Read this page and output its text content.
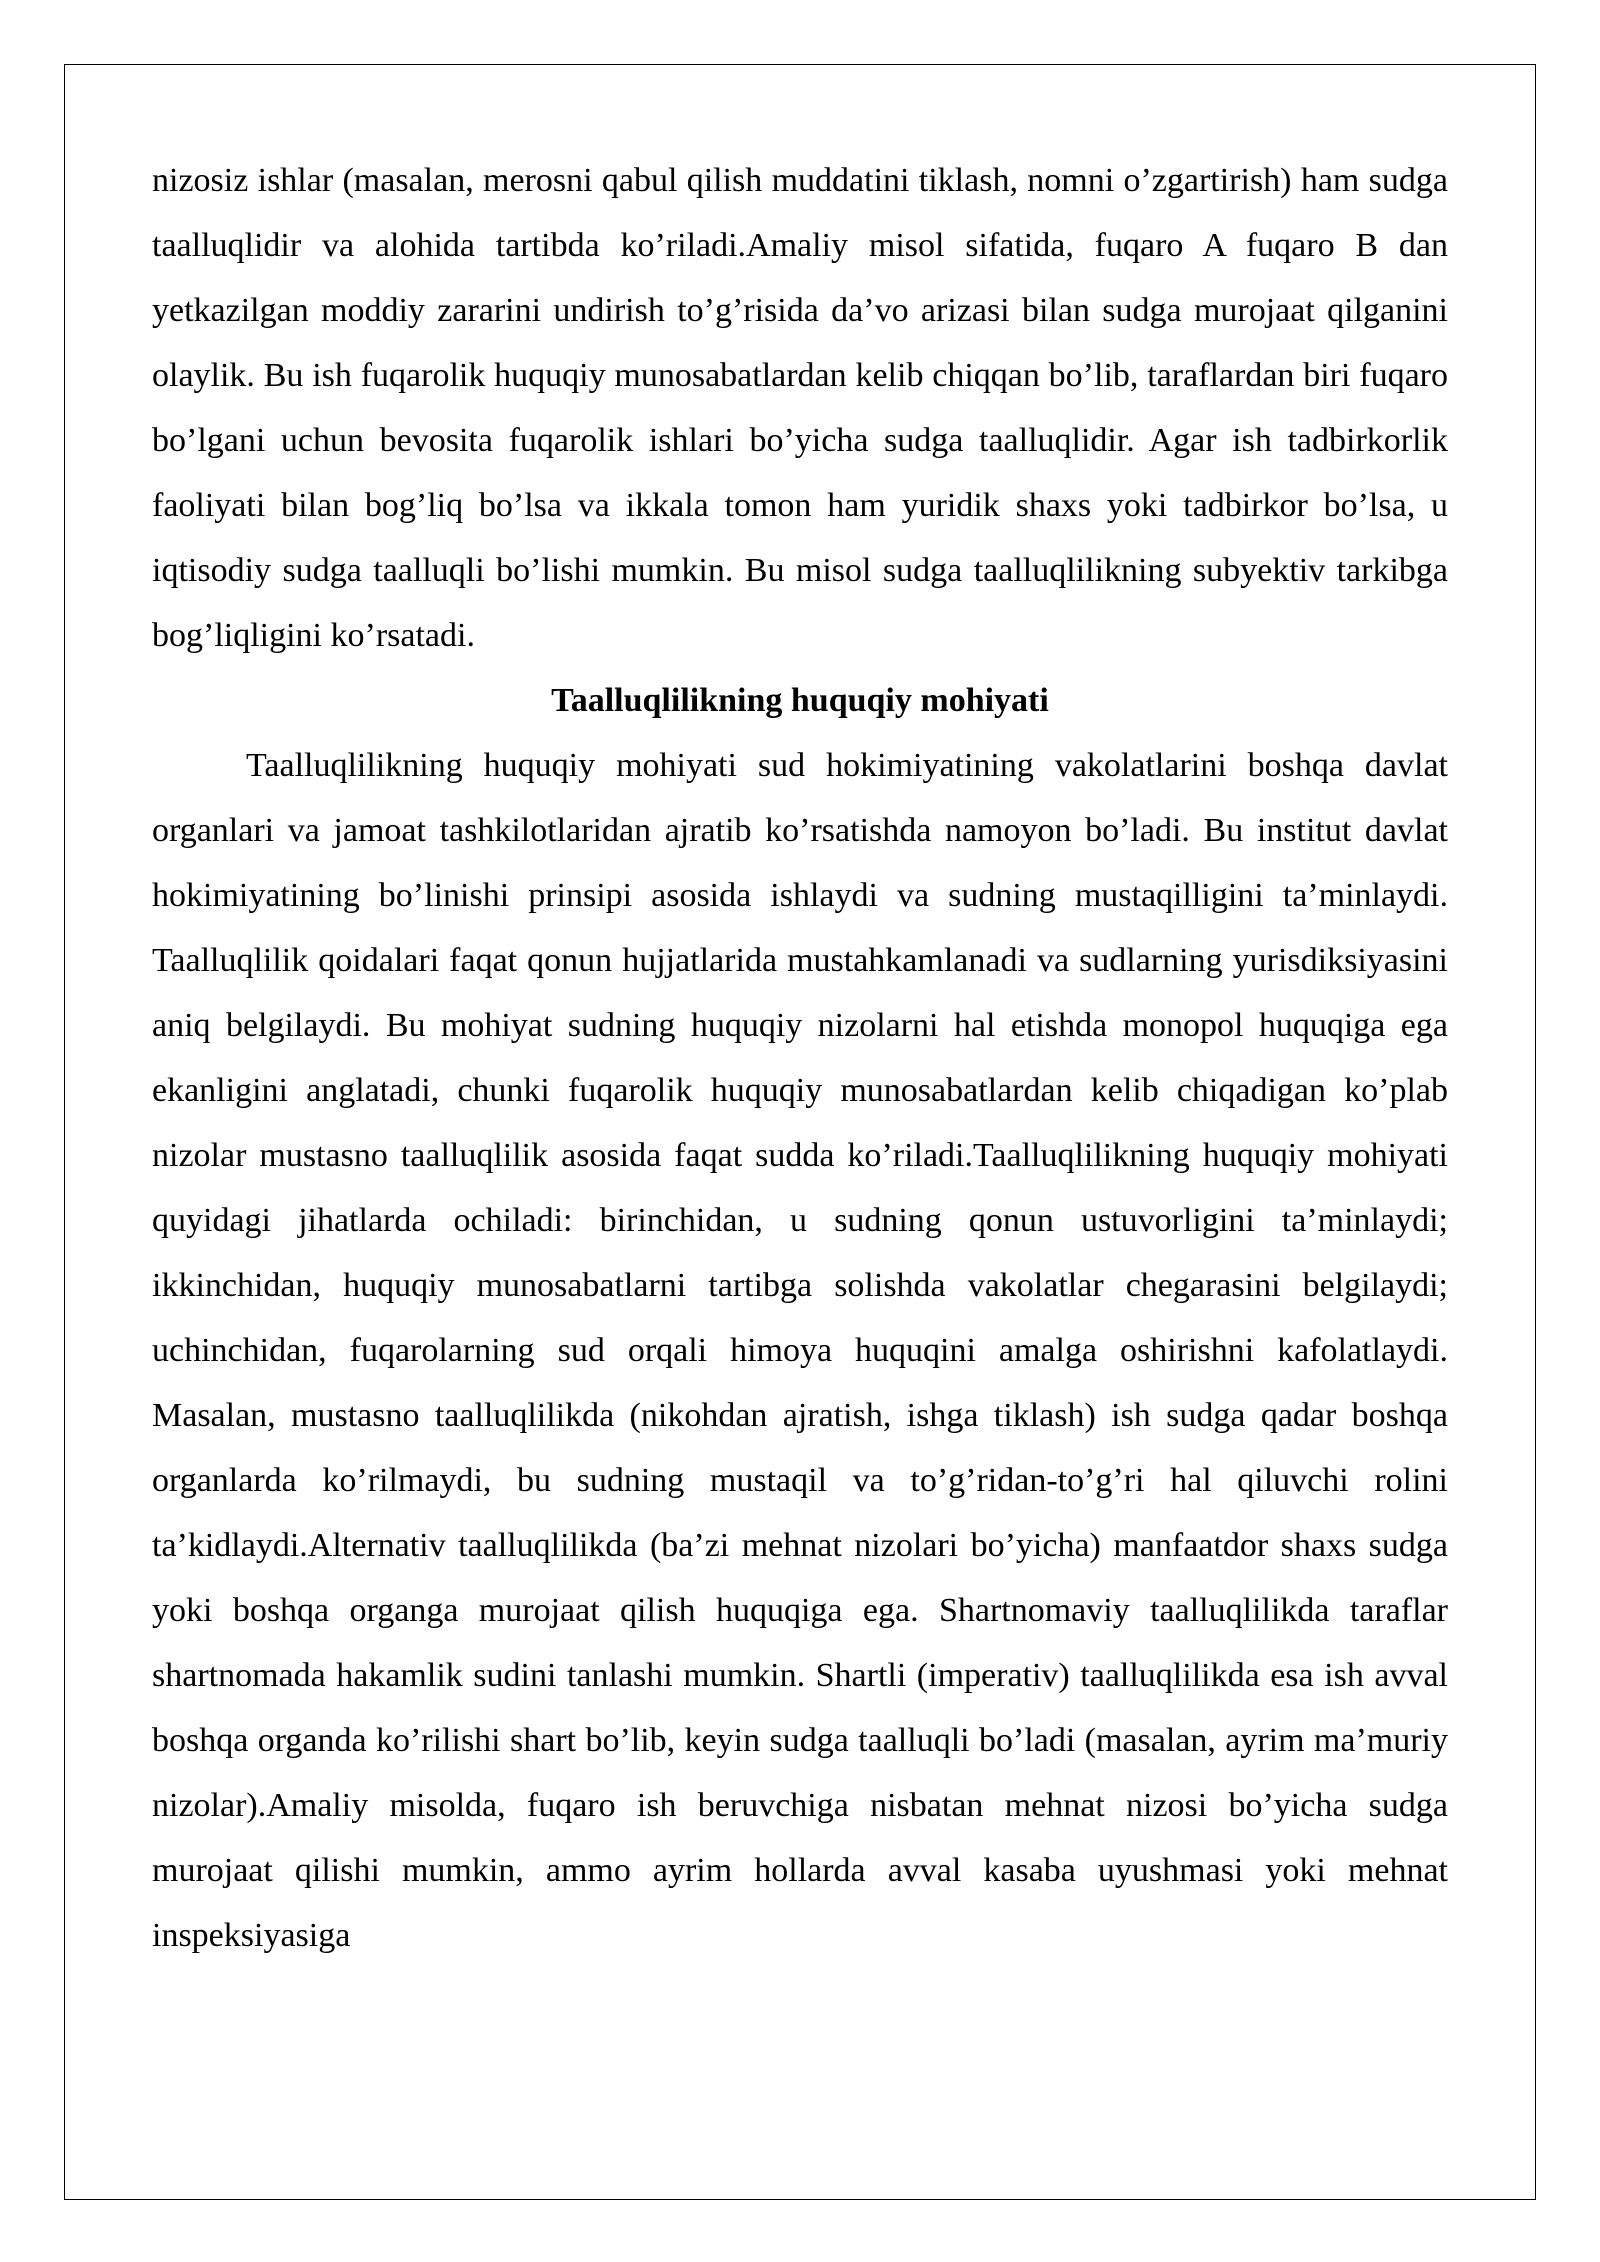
nizosiz ishlar (masalan, merosni qabul qilish muddatini tiklash, nomni o’zgartirish) ham sudga taalluqlidir va alohida tartibda ko’riladi.Amaliy misol sifatida, fuqaro A fuqaro B dan yetkazilgan moddiy zararini undirish to’g’risida da’vo arizasi bilan sudga murojaat qilganini olaylik. Bu ish fuqarolik huquqiy munosabatlardan kelib chiqqan bo’lib, taraflardan biri fuqaro bo’lgani uchun bevosita fuqarolik ishlari bo’yicha sudga taalluqlidir. Agar ish tadbirkorlik faoliyati bilan bog’liq bo’lsa va ikkala tomon ham yuridik shaxs yoki tadbirkor bo’lsa, u iqtisodiy sudga taalluqli bo’lishi mumkin. Bu misol sudga taalluqlilikning subyektiv tarkibga bog’liqligini ko’rsatadi.

Taalluqlilikning huquqiy mohiyati

Taalluqlilikning huquqiy mohiyati sud hokimiyatining vakolatlarini boshqa davlat organlari va jamoat tashkilotlaridan ajratib ko’rsatishda namoyon bo’ladi. Bu institut davlat hokimiyatining bo’linishi prinsipi asosida ishlaydi va sudning mustaqilligini ta’minlaydi. Taalluqlilik qoidalari faqat qonun hujjatlarida mustahkamlanadi va sudlarning yurisdiksiyasini aniq belgilaydi. Bu mohiyat sudning huquqiy nizolarni hal etishda monopol huquqiga ega ekanligini anglatadi, chunki fuqarolik huquqiy munosabatlardan kelib chiqadigan ko’plab nizolar mustasno taalluqlilik asosida faqat sudda ko’riladi.Taalluqlilikning huquqiy mohiyati quyidagi jihatlarda ochiladi: birinchidan, u sudning qonun ustuvorligini ta’minlaydi; ikkinchidan, huquqiy munosabatlarni tartibga solishda vakolatlar chegarasini belgilaydi; uchinchidan, fuqarolarning sud orqali himoya huquqini amalga oshirishni kafolatlaydi. Masalan, mustasno taalluqlilikda (nikohdan ajratish, ishga tiklash) ish sudga qadar boshqa organlarda ko’rilmaydi, bu sudning mustaqil va to’g’ridan-to’g’ri hal qiluvchi rolini ta’kidlaydi.Alternativ taalluqlilikda (ba’zi mehnat nizolari bo’yicha) manfaatdor shaxs sudga yoki boshqa organga murojaat qilish huquqiga ega. Shartnomaviy taalluqlilikda taraflar shartnomada hakamlik sudini tanlashi mumkin. Shartli (imperativ) taalluqlilikda esa ish avval boshqa organda ko’rilishi shart bo’lib, keyin sudga taalluqli bo’ladi (masalan, ayrim ma’muriy nizolar).Amaliy misolda, fuqaro ish beruvchiga nisbatan mehnat nizosi bo’yicha sudga murojaat qilishi mumkin, ammo ayrim hollarda avval kasaba uyushmasi yoki mehnat inspeksiyasiga
